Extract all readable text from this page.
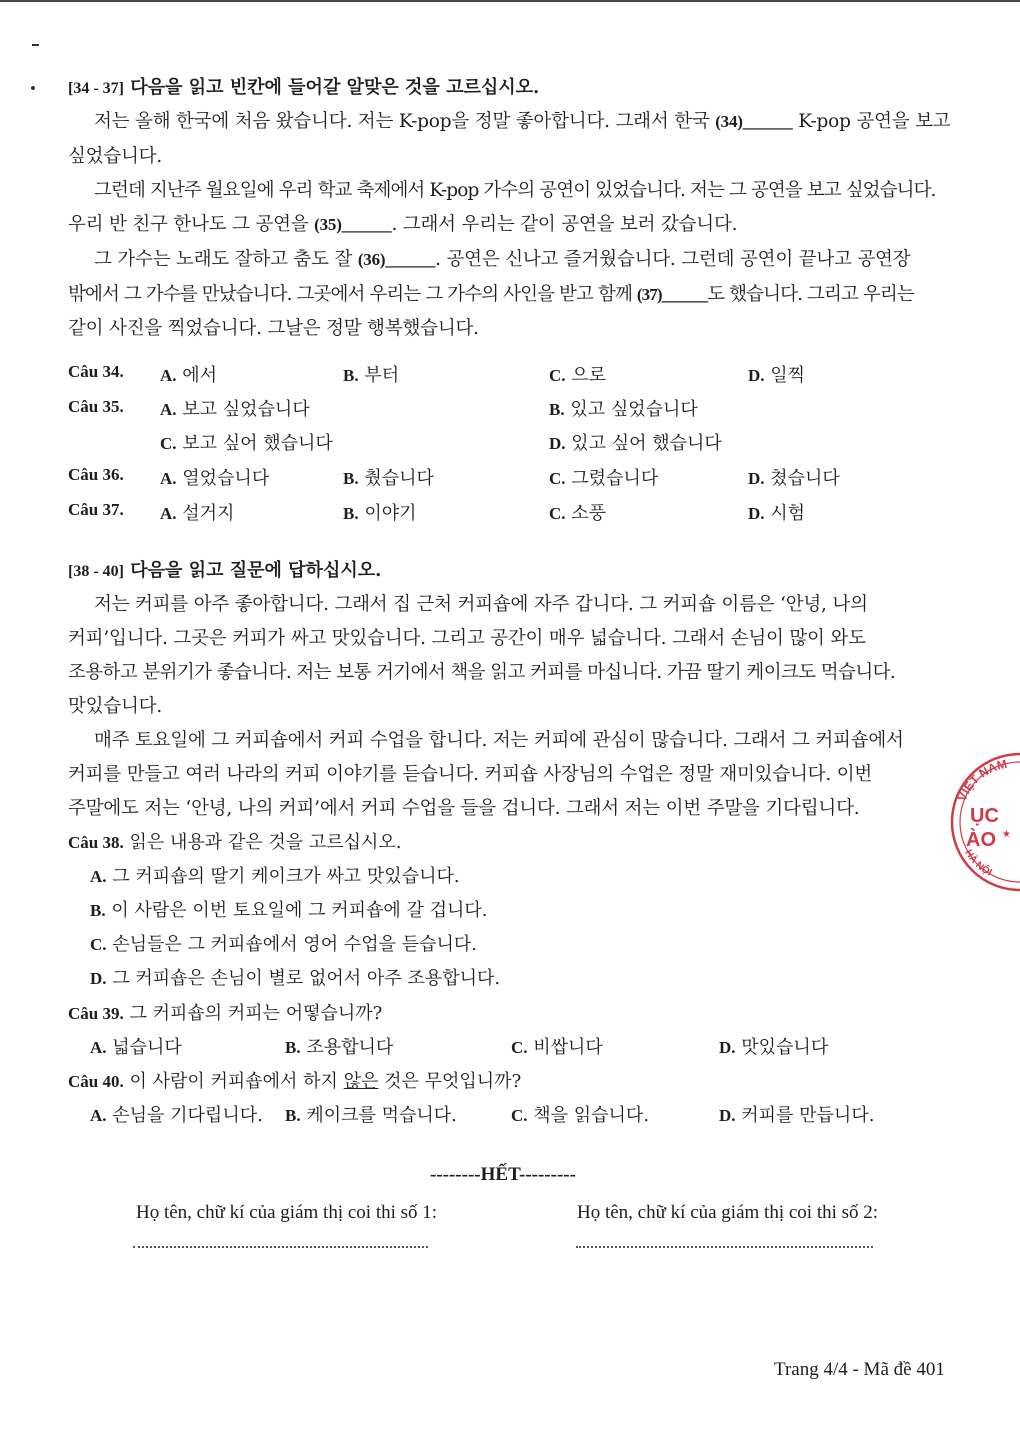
[34 - 37] 다음을 읽고 빈칸에 들어갈 알맞은 것을 고르십시오.
저는 올해 한국에 처음 왔습니다. 저는 K-pop을 정말 좋아합니다. 그래서 한국 (34)______ K-pop 공연을 보고
싶었습니다.
그런데 지난주 월요일에 우리 학교 축제에서 K-pop 가수의 공연이 있었습니다. 저는 그 공연을 보고 싶었습니다.
우리 반 친구 한나도 그 공연을 (35)______. 그래서 우리는 같이 공연을 보러 갔습니다.
그 가수는 노래도 잘하고 춤도 잘 (36)______. 공연은 신나고 즐거웠습니다. 그런데 공연이 끝나고 공연장
밖에서 그 가수를 만났습니다. 그곳에서 우리는 그 가수의 사인을 받고 함께 (37)______도 했습니다. 그리고 우리는
같이 사진을 찍었습니다. 그날은 정말 행복했습니다.
Câu 34. A. 에서	B. 부터	C. 으로	D. 일찍
Câu 35. A. 보고 싶었습니다	B. 있고 싶었습니다
C. 보고 싶어 했습니다	D. 있고 싶어 했습니다
Câu 36. A. 열었습니다	B. 췄습니다	C. 그렸습니다	D. 쳤습니다
Câu 37. A. 설거지	B. 이야기	C. 소풍	D. 시험
[38 - 40] 다음을 읽고 질문에 답하십시오.
저는 커피를 아주 좋아합니다. 그래서 집 근처 커피숍에 자주 갑니다. 그 커피숍 이름은 ‘안녕, 나의
커피’입니다. 그곳은 커피가 싸고 맛있습니다. 그리고 공간이 매우 넓습니다. 그래서 손님이 많이 와도
조용하고 분위기가 좋습니다. 저는 보통 거기에서 책을 읽고 커피를 마십니다. 가끔 딸기 케이크도 먹습니다.
맛있습니다.
매주 토요일에 그 커피숍에서 커피 수업을 합니다. 저는 커피에 관심이 많습니다. 그래서 그 커피숍에서
커피를 만들고 여러 나라의 커피 이야기를 듣습니다. 커피숍 사장님의 수업은 정말 재미있습니다. 이번
주말에도 저는 ‘안녕, 나의 커피’에서 커피 수업을 들을 겁니다. 그래서 저는 이번 주말을 기다립니다.
Câu 38. 읽은 내용과 같은 것을 고르십시오.
A. 그 커피숍의 딸기 케이크가 싸고 맛있습니다.
B. 이 사람은 이번 토요일에 그 커피숍에 갈 겁니다.
C. 손님들은 그 커피숍에서 영어 수업을 듣습니다.
D. 그 커피숍은 손님이 별로 없어서 아주 조용합니다.
Câu 39. 그 커피숍의 커피는 어떻습니까?
A. 넓습니다	B. 조용합니다	C. 비쌉니다	D. 맛있습니다
Câu 40. 이 사람이 커피숍에서 하지 않은 것은 무엇입니까?
A. 손님을 기다립니다. B. 케이크를 먹습니다.	C. 책을 읽습니다.	D. 커피를 만듭니다.
--------HẾT---------
Họ tên, chữ kí của giám thị coi thi số 1:	Họ tên, chữ kí của giám thị coi thi số 2:
Trang 4/4 - Mã đề 401
VIỆT NAM
ỤC
ÀO
HÀ NỘI
★
